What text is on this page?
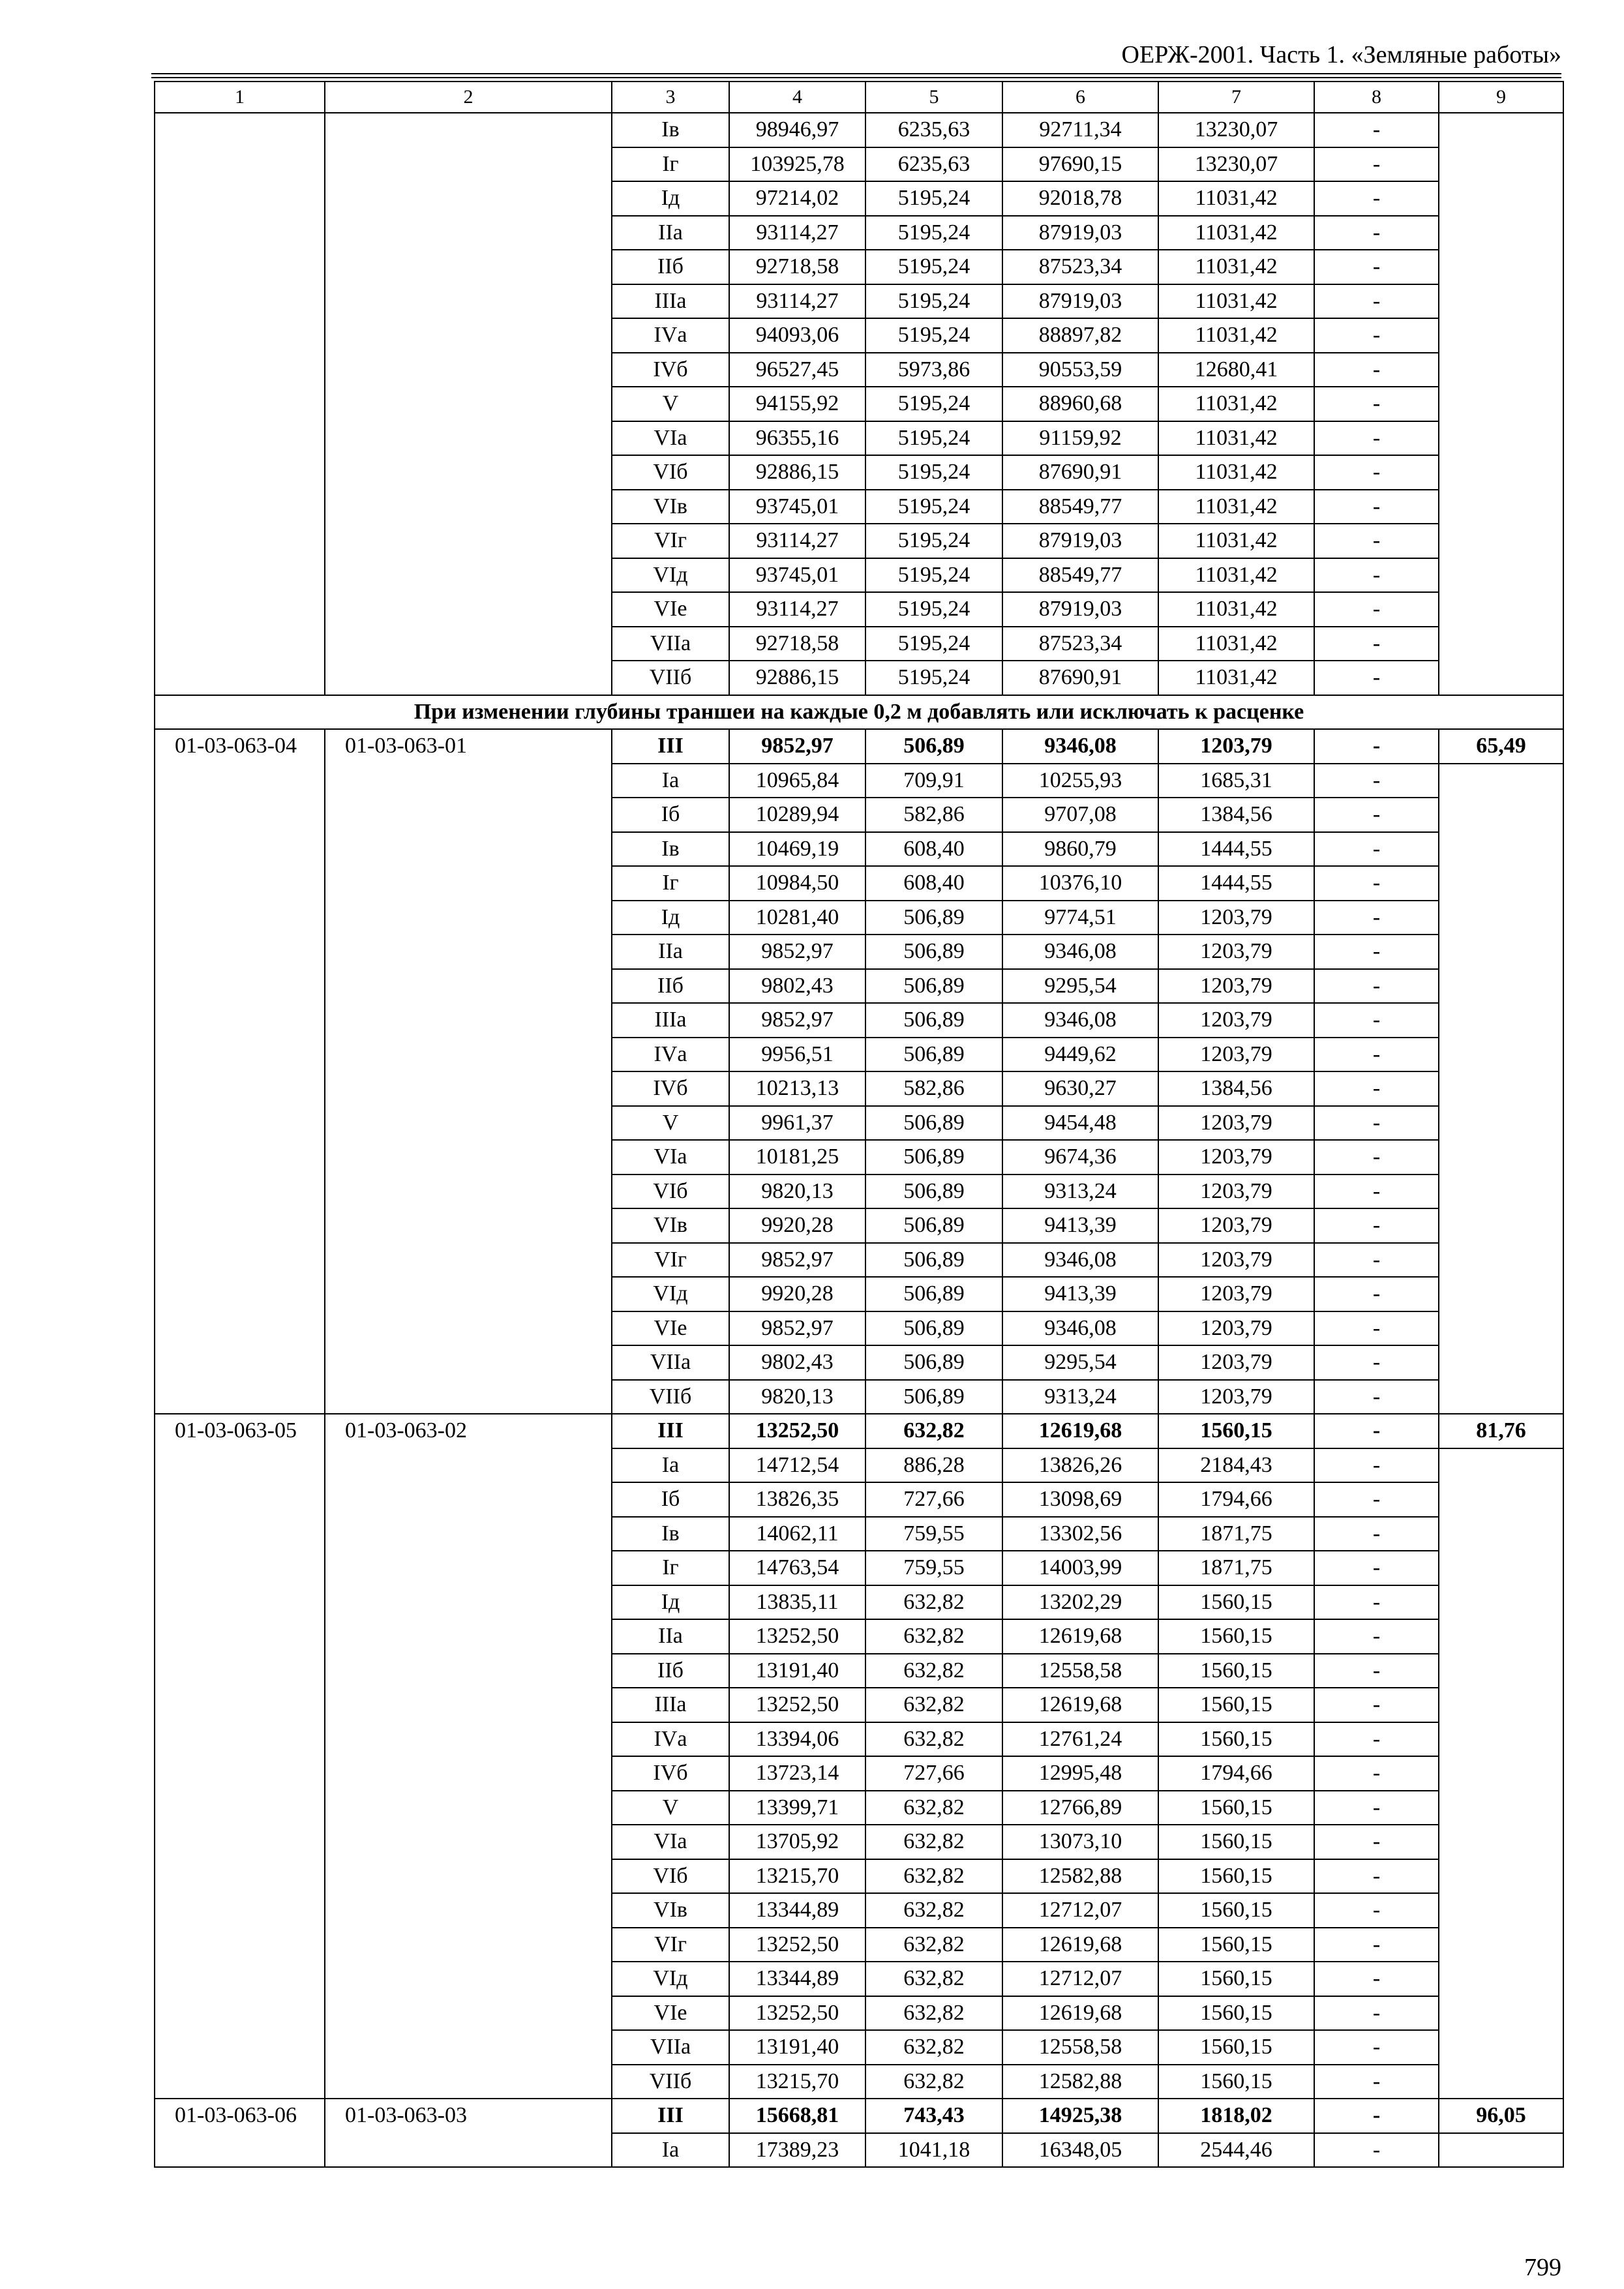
ОЕРЖ-2001. Часть 1. «Земляные работы»
1	2	3	4	5	6	7	8	9
		Iв	98946,97	6235,63	92711,34	13230,07	-	
		Iг	103925,78	6235,63	97690,15	13230,07	-	
		Iд	97214,02	5195,24	92018,78	11031,42	-	
		IIа	93114,27	5195,24	87919,03	11031,42	-	
		IIб	92718,58	5195,24	87523,34	11031,42	-	
		IIIа	93114,27	5195,24	87919,03	11031,42	-	
		IVа	94093,06	5195,24	88897,82	11031,42	-	
		IVб	96527,45	5973,86	90553,59	12680,41	-	
		V	94155,92	5195,24	88960,68	11031,42	-	
		VIа	96355,16	5195,24	91159,92	11031,42	-	
		VIб	92886,15	5195,24	87690,91	11031,42	-	
		VIв	93745,01	5195,24	88549,77	11031,42	-	
		VIг	93114,27	5195,24	87919,03	11031,42	-	
		VIд	93745,01	5195,24	88549,77	11031,42	-	
		VIе	93114,27	5195,24	87919,03	11031,42	-	
		VIIа	92718,58	5195,24	87523,34	11031,42	-	
		VIIб	92886,15	5195,24	87690,91	11031,42	-	
При изменении глубины траншеи на каждые 0,2 м добавлять или исключать к расценке								
01-03-063-04	01-03-063-01	III	9852,97	506,89	9346,08	1203,79	-	65,49
		Iа	10965,84	709,91	10255,93	1685,31	-	
		Iб	10289,94	582,86	9707,08	1384,56	-	
		Iв	10469,19	608,40	9860,79	1444,55	-	
		Iг	10984,50	608,40	10376,10	1444,55	-	
		Iд	10281,40	506,89	9774,51	1203,79	-	
		IIа	9852,97	506,89	9346,08	1203,79	-	
		IIб	9802,43	506,89	9295,54	1203,79	-	
		IIIа	9852,97	506,89	9346,08	1203,79	-	
		IVа	9956,51	506,89	9449,62	1203,79	-	
		IVб	10213,13	582,86	9630,27	1384,56	-	
		V	9961,37	506,89	9454,48	1203,79	-	
		VIа	10181,25	506,89	9674,36	1203,79	-	
		VIб	9820,13	506,89	9313,24	1203,79	-	
		VIв	9920,28	506,89	9413,39	1203,79	-	
		VIг	9852,97	506,89	9346,08	1203,79	-	
		VIд	9920,28	506,89	9413,39	1203,79	-	
		VIе	9852,97	506,89	9346,08	1203,79	-	
		VIIа	9802,43	506,89	9295,54	1203,79	-	
		VIIб	9820,13	506,89	9313,24	1203,79	-	
01-03-063-05	01-03-063-02	III	13252,50	632,82	12619,68	1560,15	-	81,76
		Iа	14712,54	886,28	13826,26	2184,43	-	
		Iб	13826,35	727,66	13098,69	1794,66	-	
		Iв	14062,11	759,55	13302,56	1871,75	-	
		Iг	14763,54	759,55	14003,99	1871,75	-	
		Iд	13835,11	632,82	13202,29	1560,15	-	
		IIа	13252,50	632,82	12619,68	1560,15	-	
		IIб	13191,40	632,82	12558,58	1560,15	-	
		IIIа	13252,50	632,82	12619,68	1560,15	-	
		IVа	13394,06	632,82	12761,24	1560,15	-	
		IVб	13723,14	727,66	12995,48	1794,66	-	
		V	13399,71	632,82	12766,89	1560,15	-	
		VIа	13705,92	632,82	13073,10	1560,15	-	
		VIб	13215,70	632,82	12582,88	1560,15	-	
		VIв	13344,89	632,82	12712,07	1560,15	-	
		VIг	13252,50	632,82	12619,68	1560,15	-	
		VIд	13344,89	632,82	12712,07	1560,15	-	
		VIе	13252,50	632,82	12619,68	1560,15	-	
		VIIа	13191,40	632,82	12558,58	1560,15	-	
		VIIб	13215,70	632,82	12582,88	1560,15	-	
01-03-063-06	01-03-063-03	III	15668,81	743,43	14925,38	1818,02	-	96,05
		Iа	17389,23	1041,18	16348,05	2544,46	-	
799
